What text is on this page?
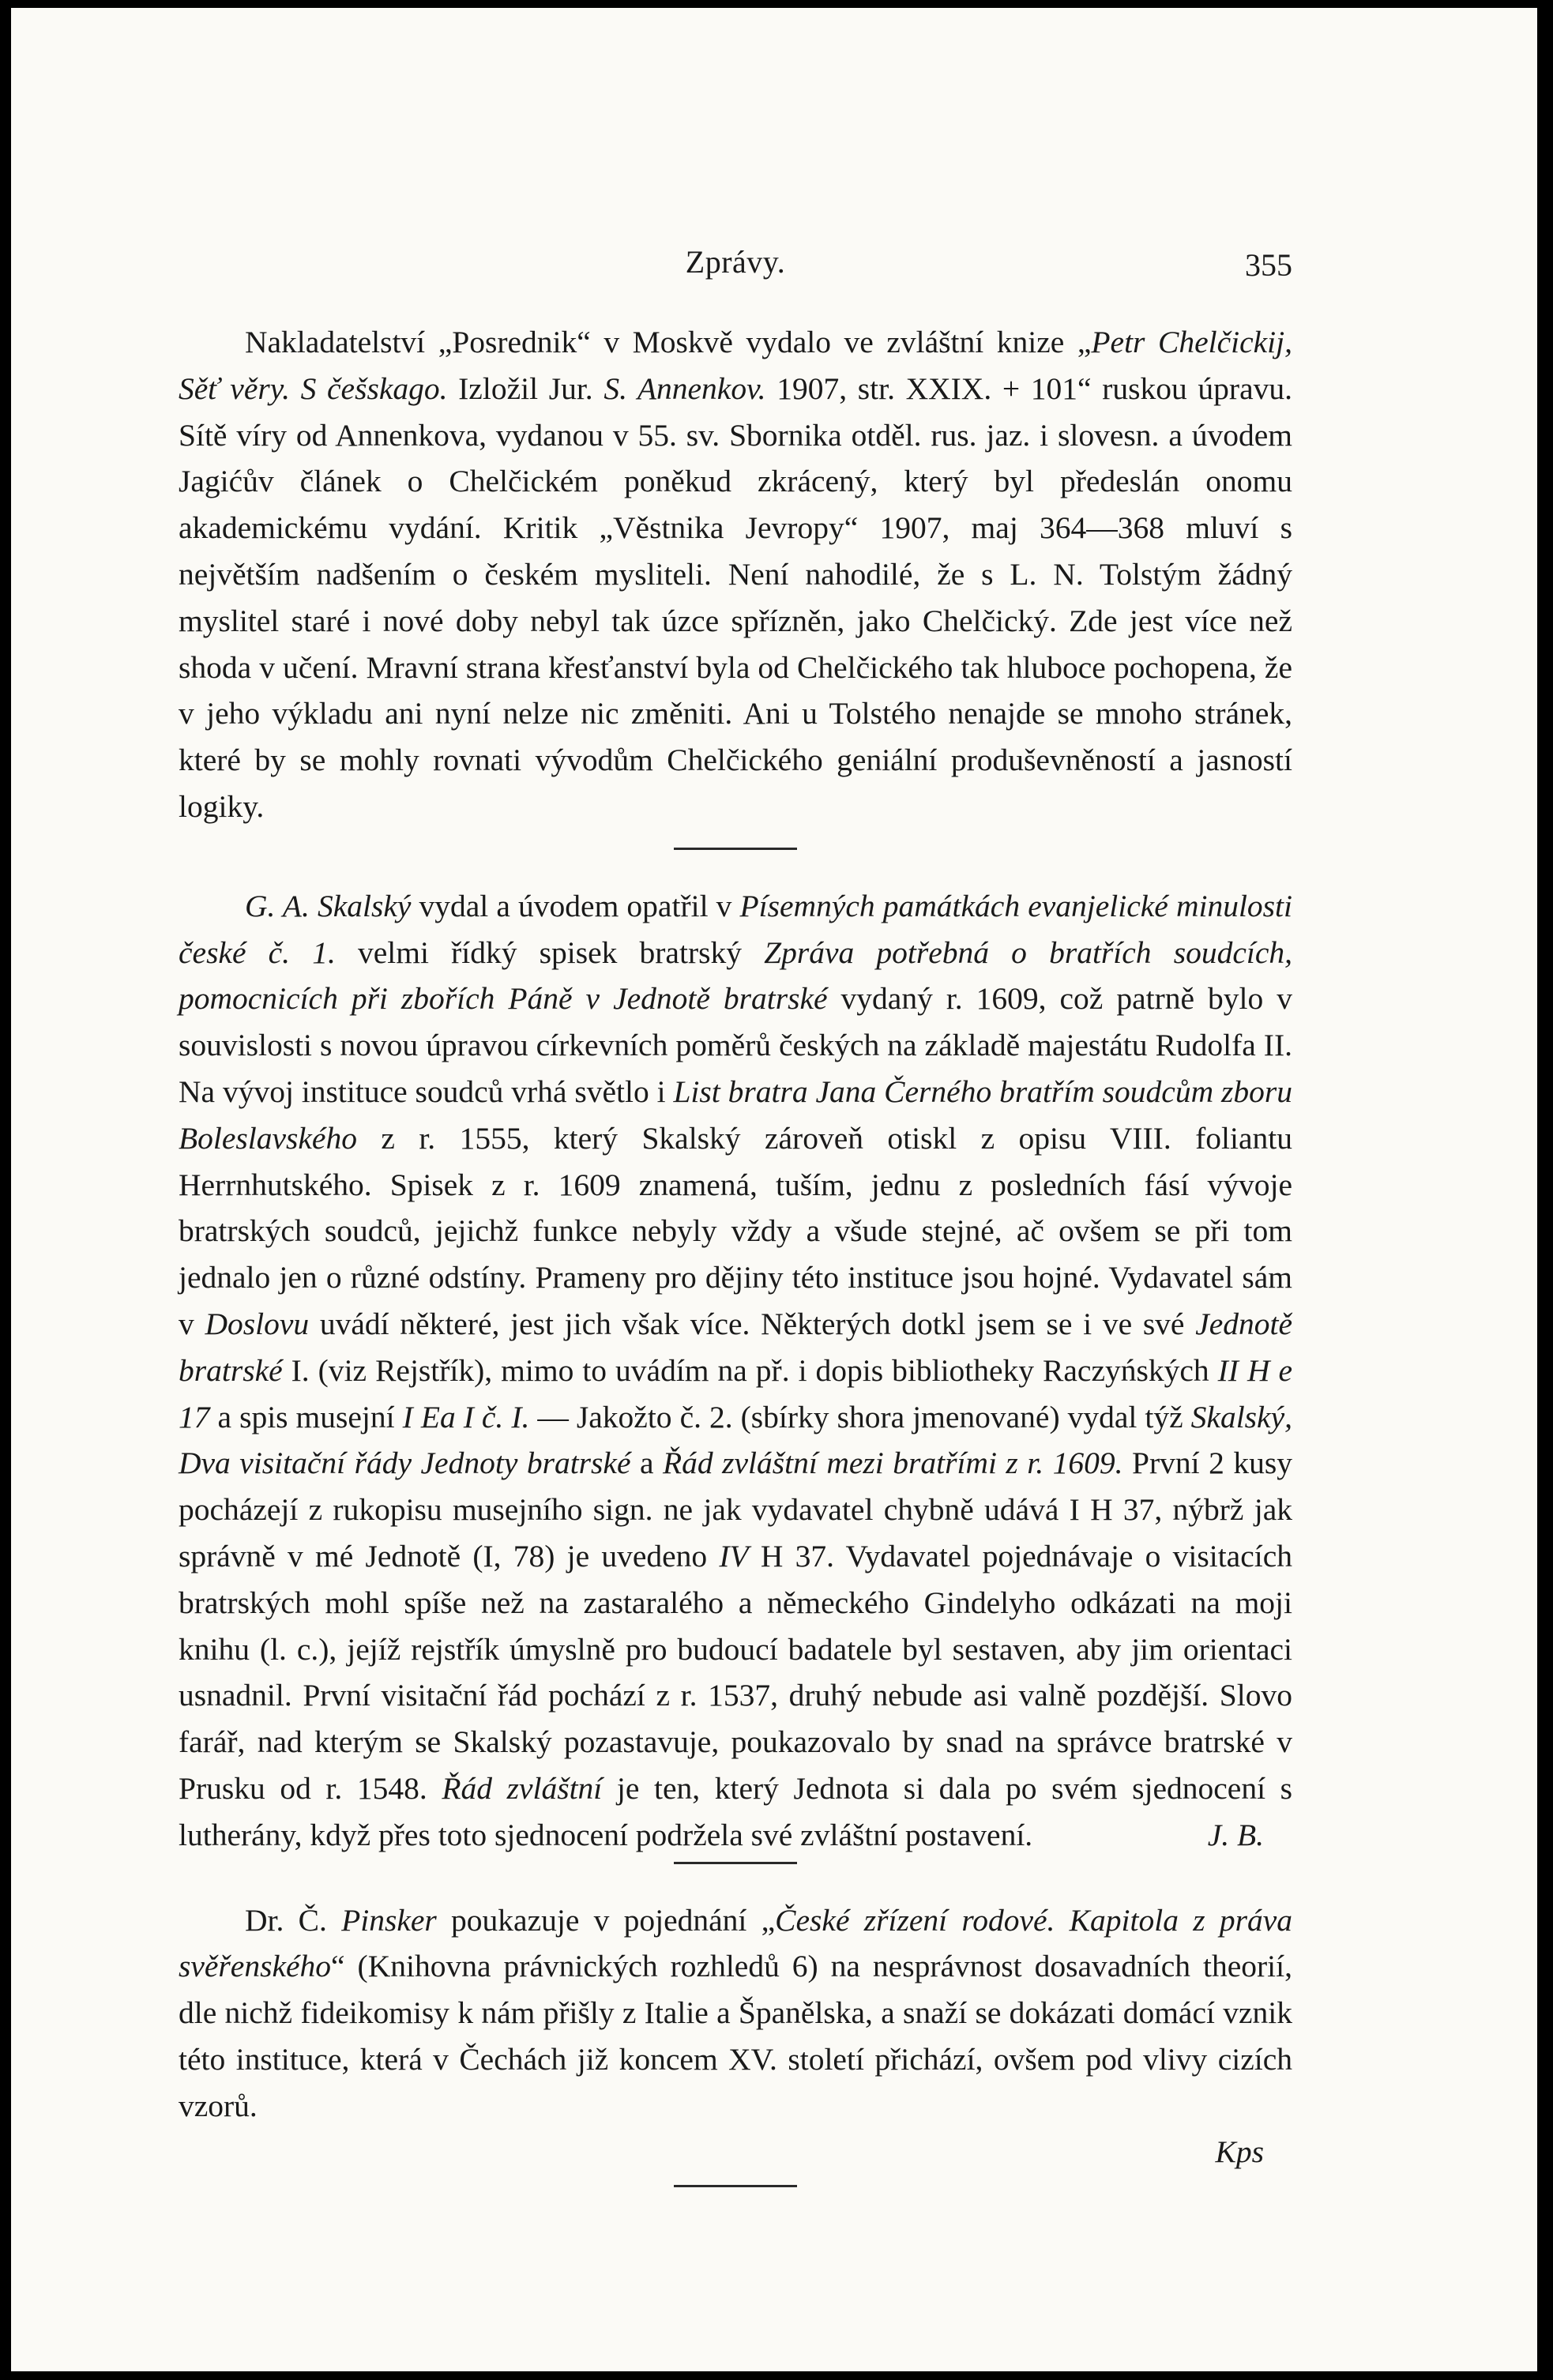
Zprávy.	355

Nakladatelství „Posrednik“ v Moskvě vydalo ve zvláštní knize „Petr Chelčickij, Sěť věry. S češskago. Izložil Jur. S. Annenkov. 1907, str. XXIX. + 101“ ruskou úpravu. Sítě víry od Annenkova, vydanou v 55. sv. Sbornika otděl. rus. jaz. i slovesn. a úvodem Jagićův článek o Chelčickém poněkud zkrácený, který byl předeslán onomu akademickému vydání. Kritik „Věstnika Jevropy“ 1907, maj 364—368 mluví s největším nadšením o českém mysliteli. Není nahodilé, že s L. N. Tolstým žádný myslitel staré i nové doby nebyl tak úzce spřízněn, jako Chelčický. Zde jest více než shoda v učení. Mravní strana křesťanství byla od Chelčického tak hluboce pochopena, že v jeho výkladu ani nyní nelze nic změniti. Ani u Tolstého nenajde se mnoho stránek, které by se mohly rovnati vývodům Chelčického geniální produševněností a jasností logiky.

G. A. Skalský vydal a úvodem opatřil v Písemných památkách evanjelické minulosti české č. 1. velmi řídký spisek bratrský Zpráva potřebná o bratřích soudcích, pomocnicích při zbořích Páně v Jednotě bratrské vydaný r. 1609, což patrně bylo v souvislosti s novou úpravou církevních poměrů českých na základě majestátu Rudolfa II. Na vývoj instituce soudců vrhá světlo i List bratra Jana Černého bratřím soudcům zboru Boleslavského z r. 1555, který Skalský zároveň otiskl z opisu VIII. foliantu Herrnhutského. Spisek z r. 1609 znamená, tuším, jednu z posledních fásí vývoje bratrských soudců, jejichž funkce nebyly vždy a všude stejné, ač ovšem se při tom jednalo jen o různé odstíny. Prameny pro dějiny této instituce jsou hojné. Vydavatel sám v Doslovu uvádí některé, jest jich však více. Některých dotkl jsem se i ve své Jednotě bratrské I. (viz Rejstřík), mimo to uvádím na př. i dopis bibliotheky Raczyńských II H e 17 a spis musejní I Ea I č. I. — Jakožto č. 2. (sbírky shora jmenované) vydal týž Skalský, Dva visitační řády Jednoty bratrské a Řád zvláštní mezi bratřími z r. 1609. První 2 kusy pocházejí z rukopisu musejního sign. ne jak vydavatel chybně udává I H 37, nýbrž jak správně v mé Jednotě (I, 78) je uvedeno IV H 37. Vydavatel pojednávaje o visitacích bratrských mohl spíše než na zastaralého a německého Gindelyho odkázati na moji knihu (l. c.), jejíž rejstřík úmyslně pro budoucí badatele byl sestaven, aby jim orientaci usnadnil. První visitační řád pochází z r. 1537, druhý nebude asi valně pozdější. Slovo farář, nad kterým se Skalský pozastavuje, poukazovalo by snad na správce bratrské v Prusku od r. 1548. Řád zvláštní je ten, který Jednota si dala po svém sjednocení s lutherány, když přes toto sjednocení podržela své zvláštní postavení.	J. B.

Dr. Č. Pinsker poukazuje v pojednání „České zřízení rodové. Kapitola z práva svěřenského“ (Knihovna právnických rozhledů 6) na nesprávnost dosavadních theorií, dle nichž fideikomisy k nám přišly z Italie a Španělska, a snaží se dokázati domácí vznik této instituce, která v Čechách již koncem XV. století přichází, ovšem pod vlivy cizích vzorů.

Kps
